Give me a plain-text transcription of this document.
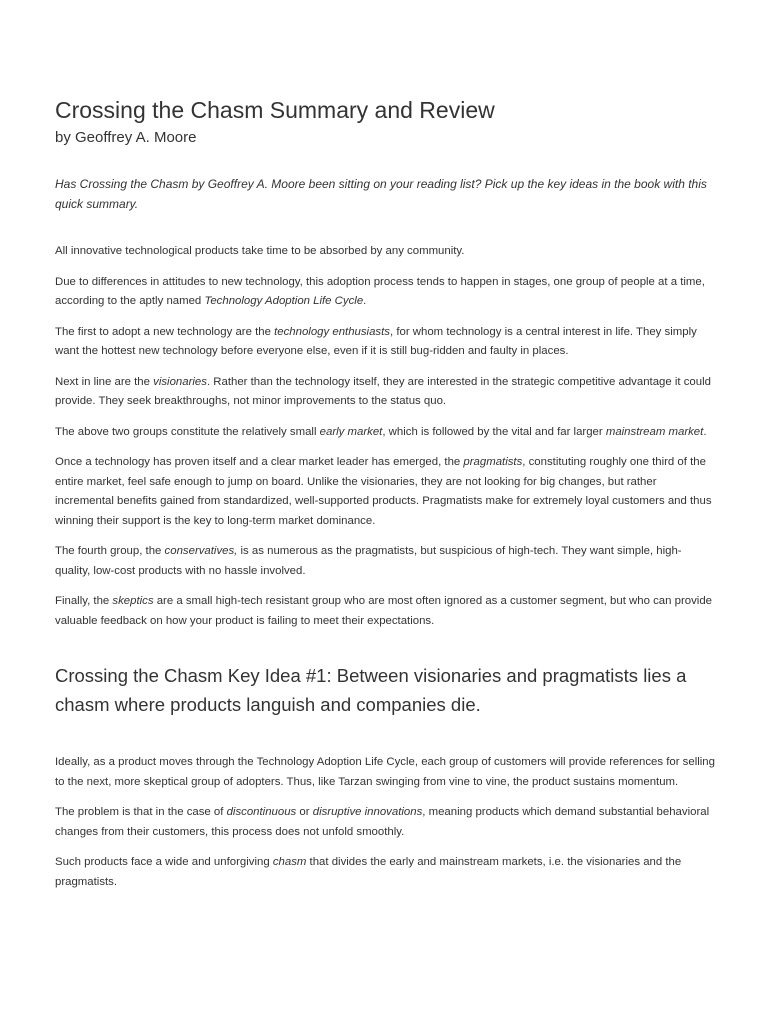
Crossing the Chasm Summary and Review
by Geoffrey A. Moore

Has Crossing the Chasm by Geoffrey A. Moore been sitting on your reading list? Pick up the key ideas in the book with this quick summary.

All innovative technological products take time to be absorbed by any community.

Due to differences in attitudes to new technology, this adoption process tends to happen in stages, one group of people at a time, according to the aptly named Technology Adoption Life Cycle.

The first to adopt a new technology are the technology enthusiasts, for whom technology is a central interest in life. They simply want the hottest new technology before everyone else, even if it is still bug-ridden and faulty in places.

Next in line are the visionaries. Rather than the technology itself, they are interested in the strategic competitive advantage it could provide. They seek breakthroughs, not minor improvements to the status quo.

The above two groups constitute the relatively small early market, which is followed by the vital and far larger mainstream market.

Once a technology has proven itself and a clear market leader has emerged, the pragmatists, constituting roughly one third of the entire market, feel safe enough to jump on board. Unlike the visionaries, they are not looking for big changes, but rather incremental benefits gained from standardized, well-supported products. Pragmatists make for extremely loyal customers and thus winning their support is the key to long-term market dominance.

The fourth group, the conservatives, is as numerous as the pragmatists, but suspicious of high-tech. They want simple, high-quality, low-cost products with no hassle involved.

Finally, the skeptics are a small high-tech resistant group who are most often ignored as a customer segment, but who can provide valuable feedback on how your product is failing to meet their expectations.

Crossing the Chasm Key Idea #1: Between visionaries and pragmatists lies a chasm where products languish and companies die.

Ideally, as a product moves through the Technology Adoption Life Cycle, each group of customers will provide references for selling to the next, more skeptical group of adopters. Thus, like Tarzan swinging from vine to vine, the product sustains momentum.

The problem is that in the case of discontinuous or disruptive innovations, meaning products which demand substantial behavioral changes from their customers, this process does not unfold smoothly.

Such products face a wide and unforgiving chasm that divides the early and mainstream markets, i.e. the visionaries and the pragmatists.
